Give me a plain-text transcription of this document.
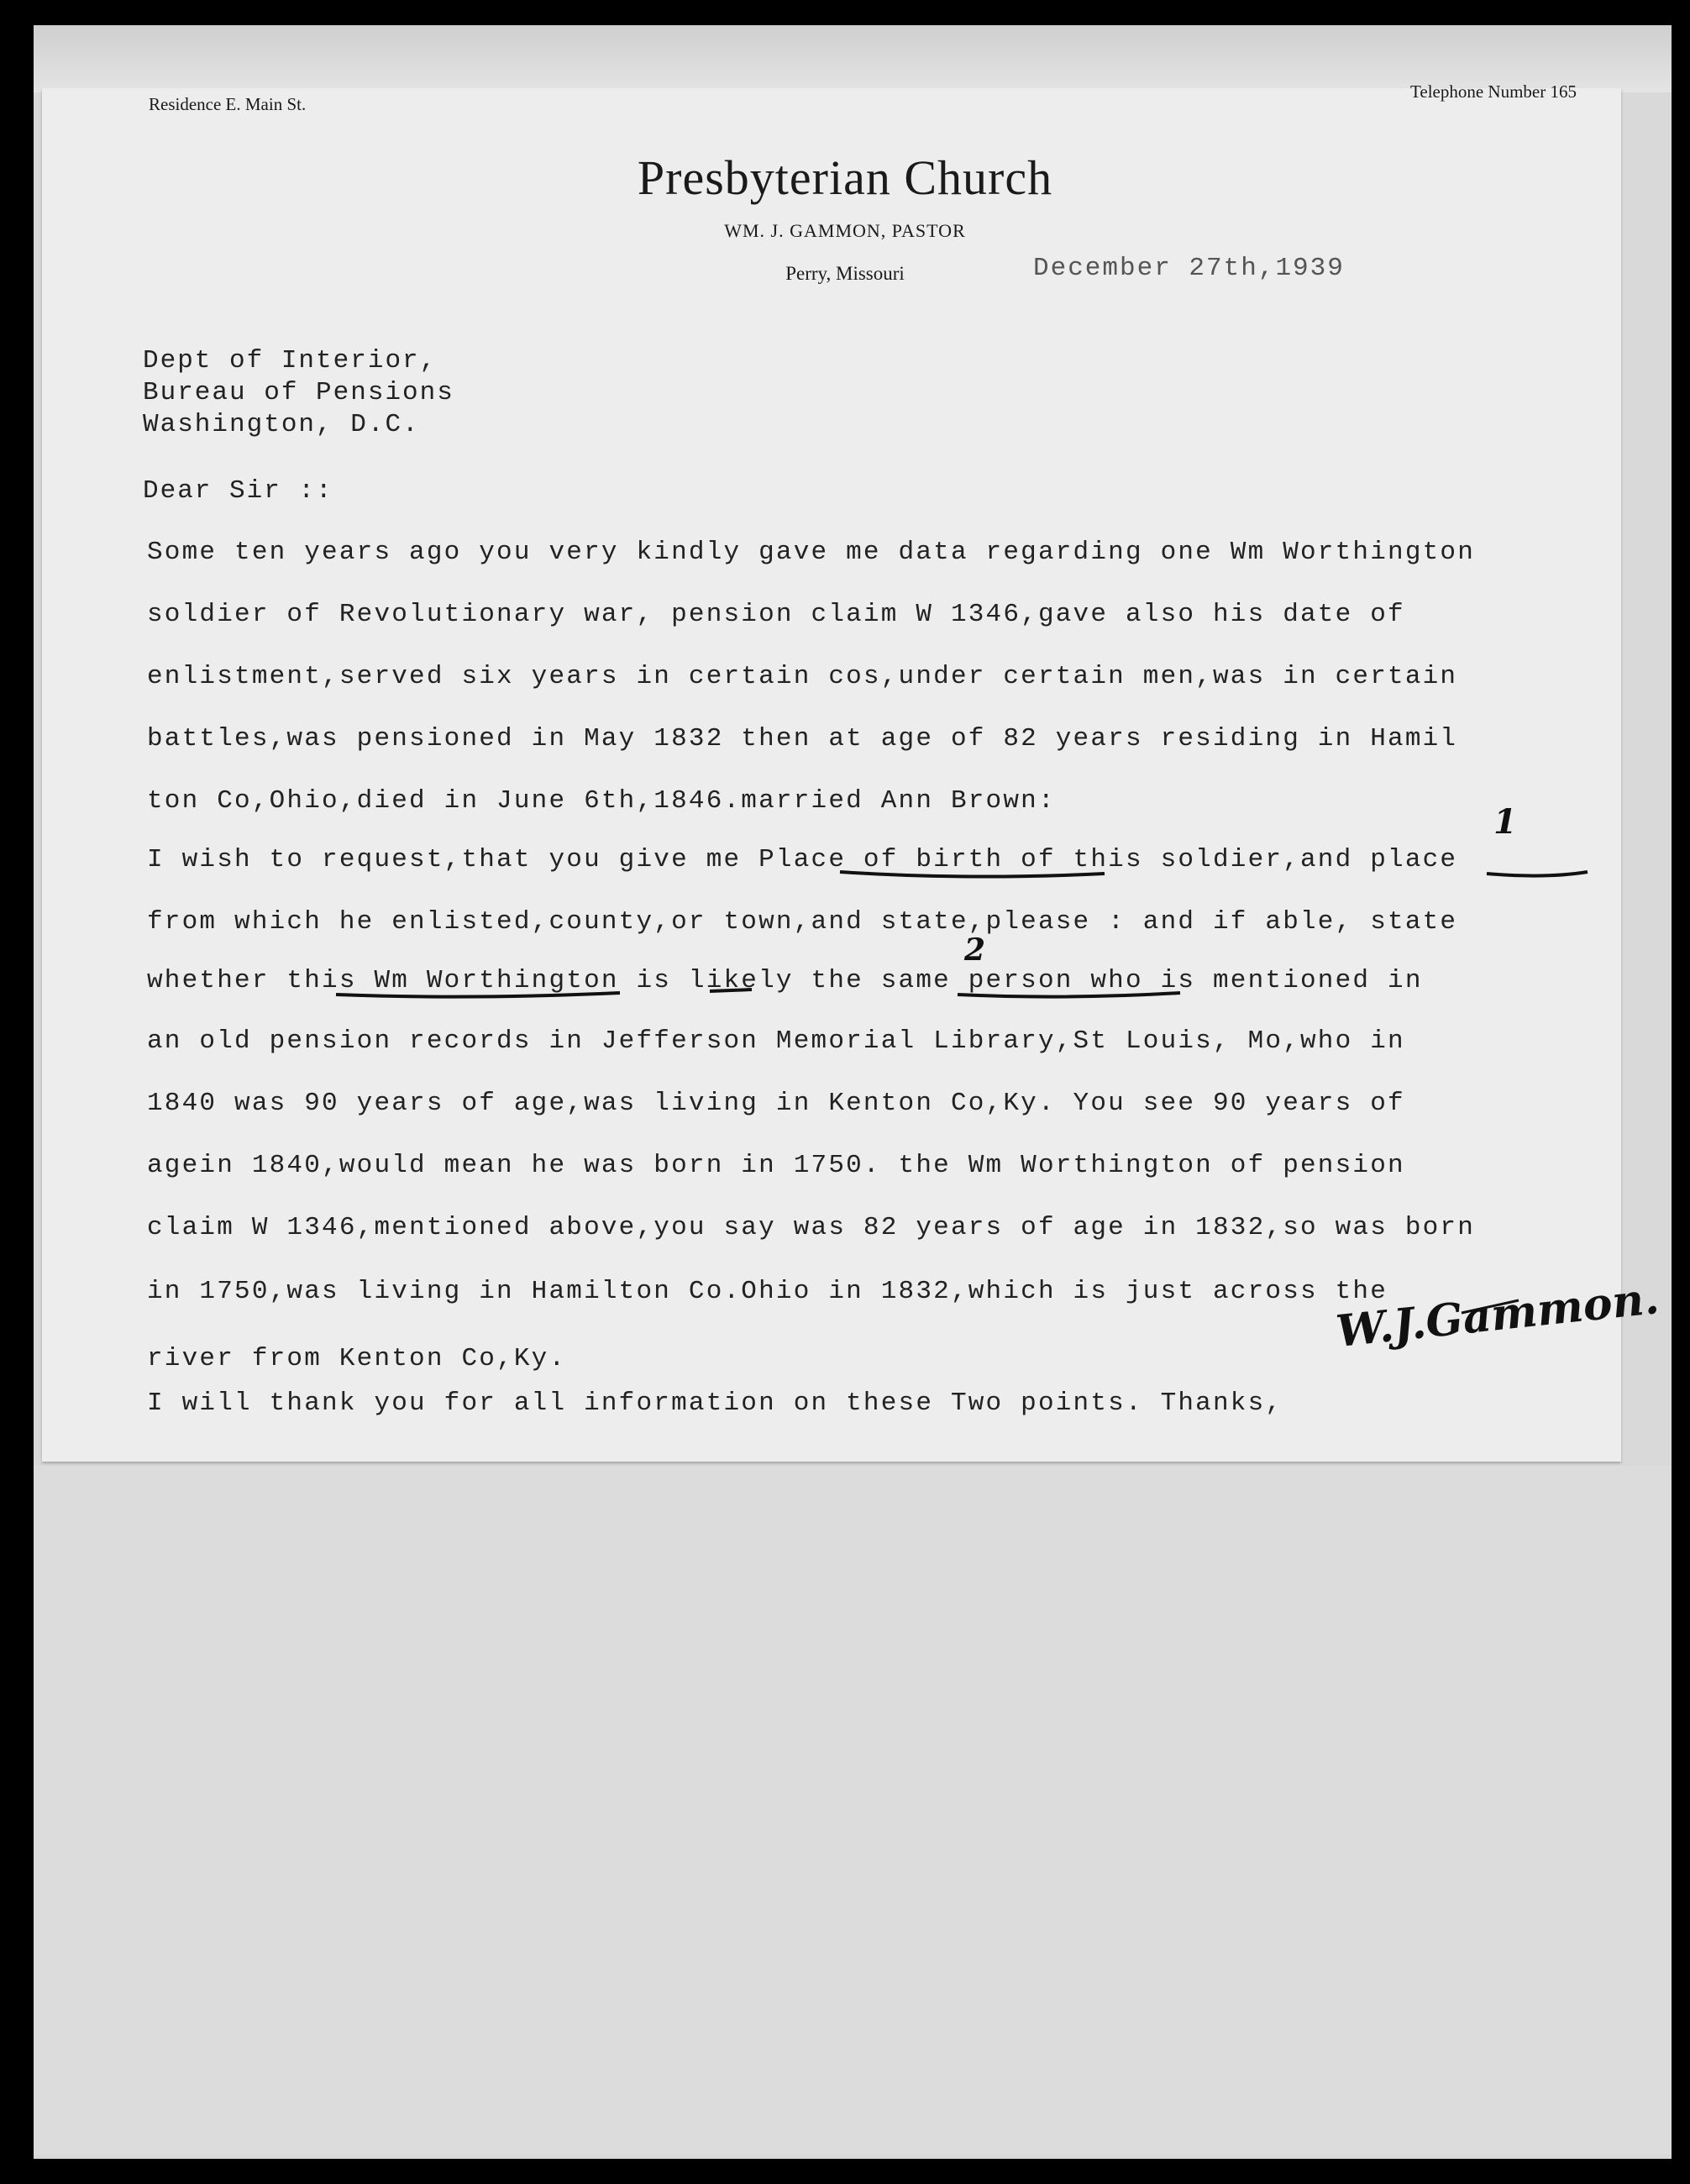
Residence E. Main St.
Telephone Number 165
Presbyterian Church
WM. J. GAMMON, PASTOR
Perry, Missouri	December 27th,1939
Dept of Interior,
Bureau of Pensions
Washington, D.C.
Dear Sir ::
Some ten years ago you very kindly gave me data regarding one Wm Worthington
soldier of Revolutionary war, pension claim W 1346,gave also his date of
enlistment,served six years in certain cos,under certain men,was in certain
battles,was pensioned in May 1832 then at age of 82 years residing in Hamil
ton Co,Ohio,died in June 6th,1846.married Ann Brown:
I wish to request,that you give me Place of birth of this soldier,and place
from which he enlisted,county,or town,and state,please : and if able, state
whether this Wm Worthington is likely the same person who is mentioned in
an old pension records in Jefferson Memorial Library,St Louis, Mo,who in
1840 was 90 years of age,was living in Kenton Co,Ky. You see 90 years of
agein 1840,would mean he was born in 1750. the Wm Worthington of pension
claim W 1346,mentioned above,you say was 82 years of age in 1832,so was born
in 1750,was living in Hamilton Co.Ohio in 1832,which is just across the
river from Kenton Co,Ky.
I will thank you for all information on these Two points. Thanks,
1
2
W.J.Gammon.
